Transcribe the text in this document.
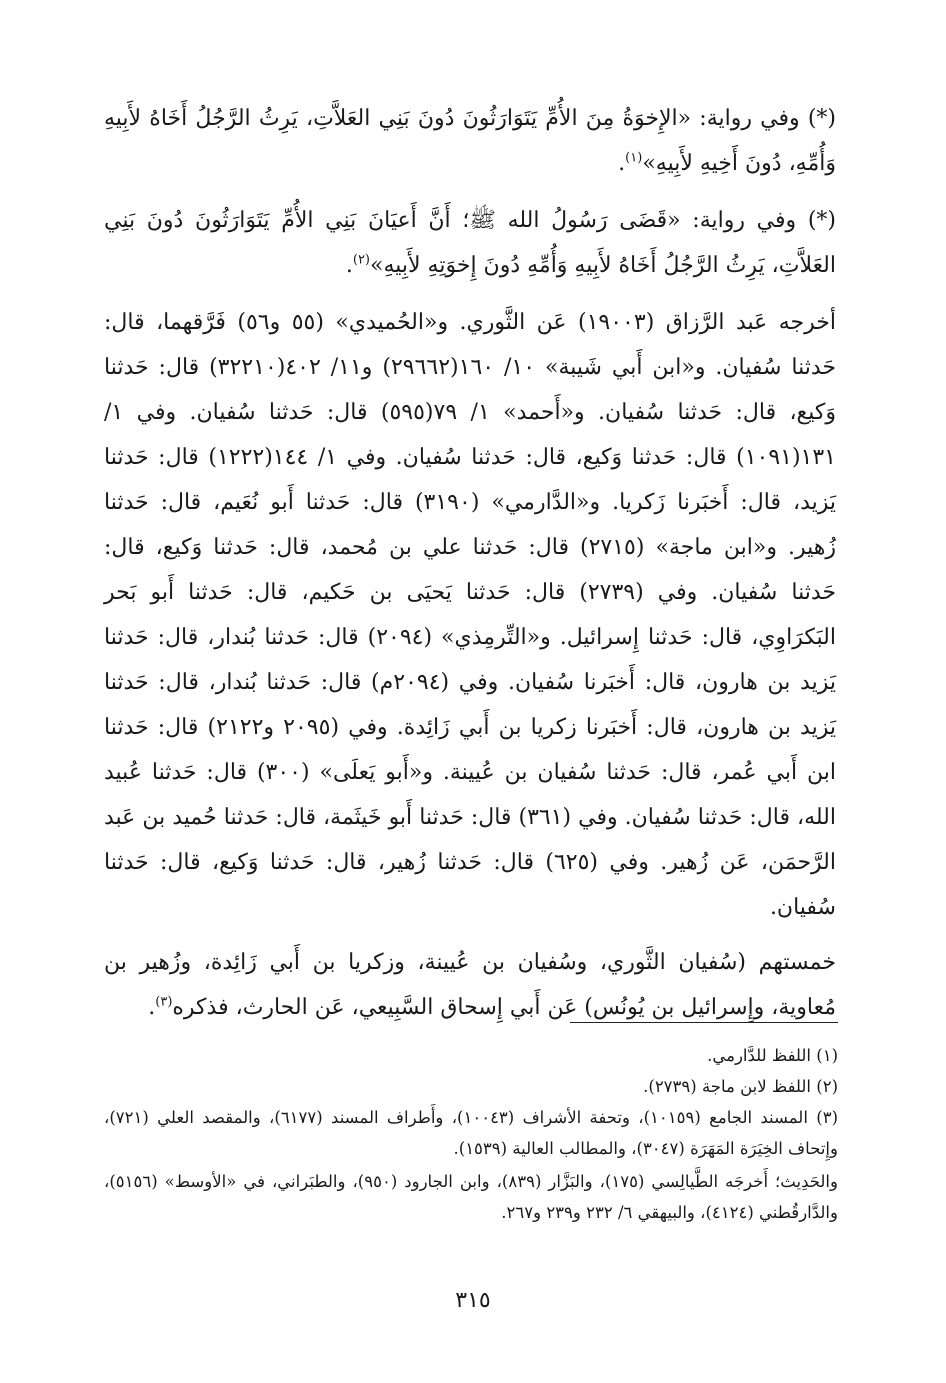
(*) وفي رواية: «الإِخوَةُ مِنَ الأُمِّ يَتَوَارَثُونَ دُونَ بَنِي العَلاَّتِ، يَرِثُ الرَّجُلُ أَخَاهُ لأَبِيهِ وَأُمِّهِ، دُونَ أَخِيهِ لأَبِيهِ»$^{(١)}$.

(*) وفي رواية: «قَضَى رَسُولُ الله ﷺ؛ أَنَّ أَعيَانَ بَنِي الأُمِّ يَتَوَارَثُونَ دُونَ بَنِي العَلاَّتِ، يَرِثُ الرَّجُلُ أَخَاهُ لأَبِيهِ وَأُمِّهِ دُونَ إِخوَتِهِ لأَبِيهِ»$^{(٢)}$.

أخرجه عَبد الرَّزاق (١٩٠٠٣) عَن الثَّوري. و«الحُميدي» (٥٥ و٥٦) فَرَّقهما، قال: حَدثنا سُفيان. و«ابن أَبي شَيبة» ١٠/ ١٦٠(٢٩٦٦٢) و١١/ ٤٠٢(٣٢٢١٠) قال: حَدثنا وَكيع، قال: حَدثنا سُفيان. و«أَحمد» ١/ ٧٩(٥٩٥) قال: حَدثنا سُفيان. وفي ١/ ١٣١(١٠٩١) قال: حَدثنا وَكيع، قال: حَدثنا سُفيان. وفي ١/ ١٤٤(١٢٢٢) قال: حَدثنا يَزيد، قال: أَخبَرنا زَكريا. و«الدَّارمي» (٣١٩٠) قال: حَدثنا أَبو نُعَيم، قال: حَدثنا زُهير. و«ابن ماجة» (٢٧١٥) قال: حَدثنا علي بن مُحمد، قال: حَدثنا وَكيع، قال: حَدثنا سُفيان. وفي (٢٧٣٩) قال: حَدثنا يَحيَى بن حَكيم، قال: حَدثنا أَبو بَحر البَكرَاوِي، قال: حَدثنا إِسرائيل. و«التِّرمِذي» (٢٠٩٤) قال: حَدثنا بُندار، قال: حَدثنا يَزيد بن هارون، قال: أَخبَرنا سُفيان. وفي (٢٠٩٤م) قال: حَدثنا بُندار، قال: حَدثنا يَزيد بن هارون، قال: أَخبَرنا زكريا بن أَبي زَائِدة. وفي (٢٠٩٥ و٢١٢٢) قال: حَدثنا ابن أَبي عُمر، قال: حَدثنا سُفيان بن عُيينة. و«أَبو يَعلَى» (٣٠٠) قال: حَدثنا عُبيد الله، قال: حَدثنا سُفيان. وفي (٣٦١) قال: حَدثنا أَبو خَيثَمة، قال: حَدثنا حُميد بن عَبد الرَّحمَن، عَن زُهير. وفي (٦٢٥) قال: حَدثنا زُهير، قال: حَدثنا وَكيع، قال: حَدثنا سُفيان.

خمستهم (سُفيان الثَّوري، وسُفيان بن عُيينة، وزكريا بن أَبي زَائِدة، وزُهير بن مُعاوية، وإِسرائيل بن يُونُس) عَن أَبي إِسحاق السَّبِيعي، عَن الحارث، فذكره$^{(٣)}$.

(١) اللفظ للدَّارمي.

(٢) اللفظ لابن ماجة (٢٧٣٩).

(٣) المسند الجامع (١٠١٥٩)، وتحفة الأشراف (١٠٠٤٣)، وأَطراف المسند (٦١٧٧)، والمقصد العلي (٧٢١)، وإِتحاف الخِيَرَة المَهَرَة (٣٠٤٧)، والمطالب العالية (١٥٣٩).

والحَدِيث؛ أَخرجَه الطَّيالِسي (١٧٥)، والبَزَّار (٨٣٩)، وابن الجارود (٩٥٠)، والطبَراني، في «الأوسط» (٥١٥٦)، والدَّارقُطني (٤١٢٤)، والبيهقي ٦/ ٢٣٢ و٢٣٩ و٢٦٧.

٣١٥
